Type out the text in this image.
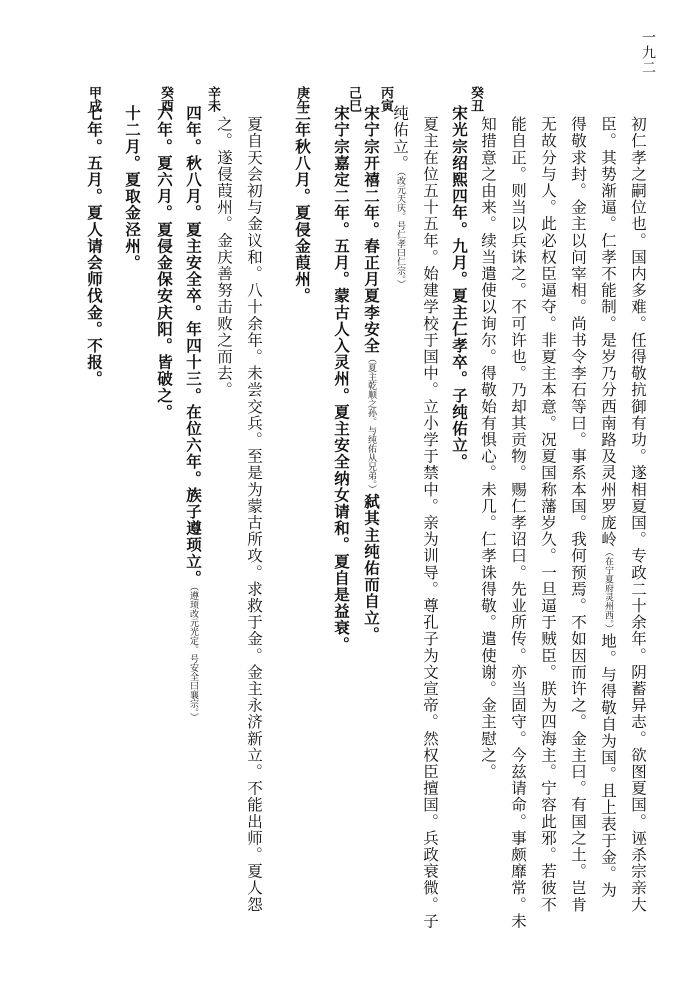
一九二
初仁孝之嗣位也。国内多难。任得敬抗御有功。遂相夏国。专政二十余年。阴蓄异志。欲图夏国。诬杀宗亲大
臣。其势渐逼。仁孝不能制。是岁乃分西南路及灵州罗庞岭（在宁夏府灵州西。）地。与得敬自为国。且上表于金。为
得敬求封。金主以问宰相。尚书令李石等曰。事系本国。我何预焉。不如因而许之。金主曰。有国之土。岂肯
无故分与人。此必权臣逼夺。非夏主本意。况夏国称藩岁久。一旦逼于贼臣。朕为四海主。宁容此邪。若彼不
能自正。则当以兵诛之。不可许也。乃却其贡物。赐仁孝诏曰。先业所传。亦当固守。今兹请命。事颇靡常。未
知措意之由来。续当遣使以询尔。得敬始有惧心。未几。仁孝诛得敬。遣使谢。金主慰之。
宋光宗绍熙四年。九月。夏主仁孝卒。子纯佑立。
夏主在位五十五年。始建学校于国中。立小学于禁中。亲为训导。尊孔子为文宣帝。然权臣擅国。兵政衰微。子
纯佑立。（改元天庆。号仁孝曰仁宗。）
宋宁宗开禧二年。春正月夏李安全（夏主乾顺之孙。与纯佑从兄弟。）弑其主纯佑而自立。
宋宁宗嘉定二年。五月。蒙古人入灵州。夏主安全纳女请和。夏自是益衰。
三年秋八月。夏侵金葭州。
夏自天会初与金议和。八十余年。未尝交兵。至是为蒙古所攻。求救于金。金主永济新立。不能出师。夏人怨
之。遂侵葭州。金庆善努击败之而去。
四年。秋八月。夏主安全卒。年四十三。在位六年。族子遵顼立。（遵顼改元光定。号安全曰襄宗。）
六年。夏六月。夏侵金保安庆阳。皆破之。
十二月。夏取金泾州。
七年。五月。夏人请会师伐金。不报。
癸丑
丙寅
己巳
庚午
辛未
癸酉
甲戌
